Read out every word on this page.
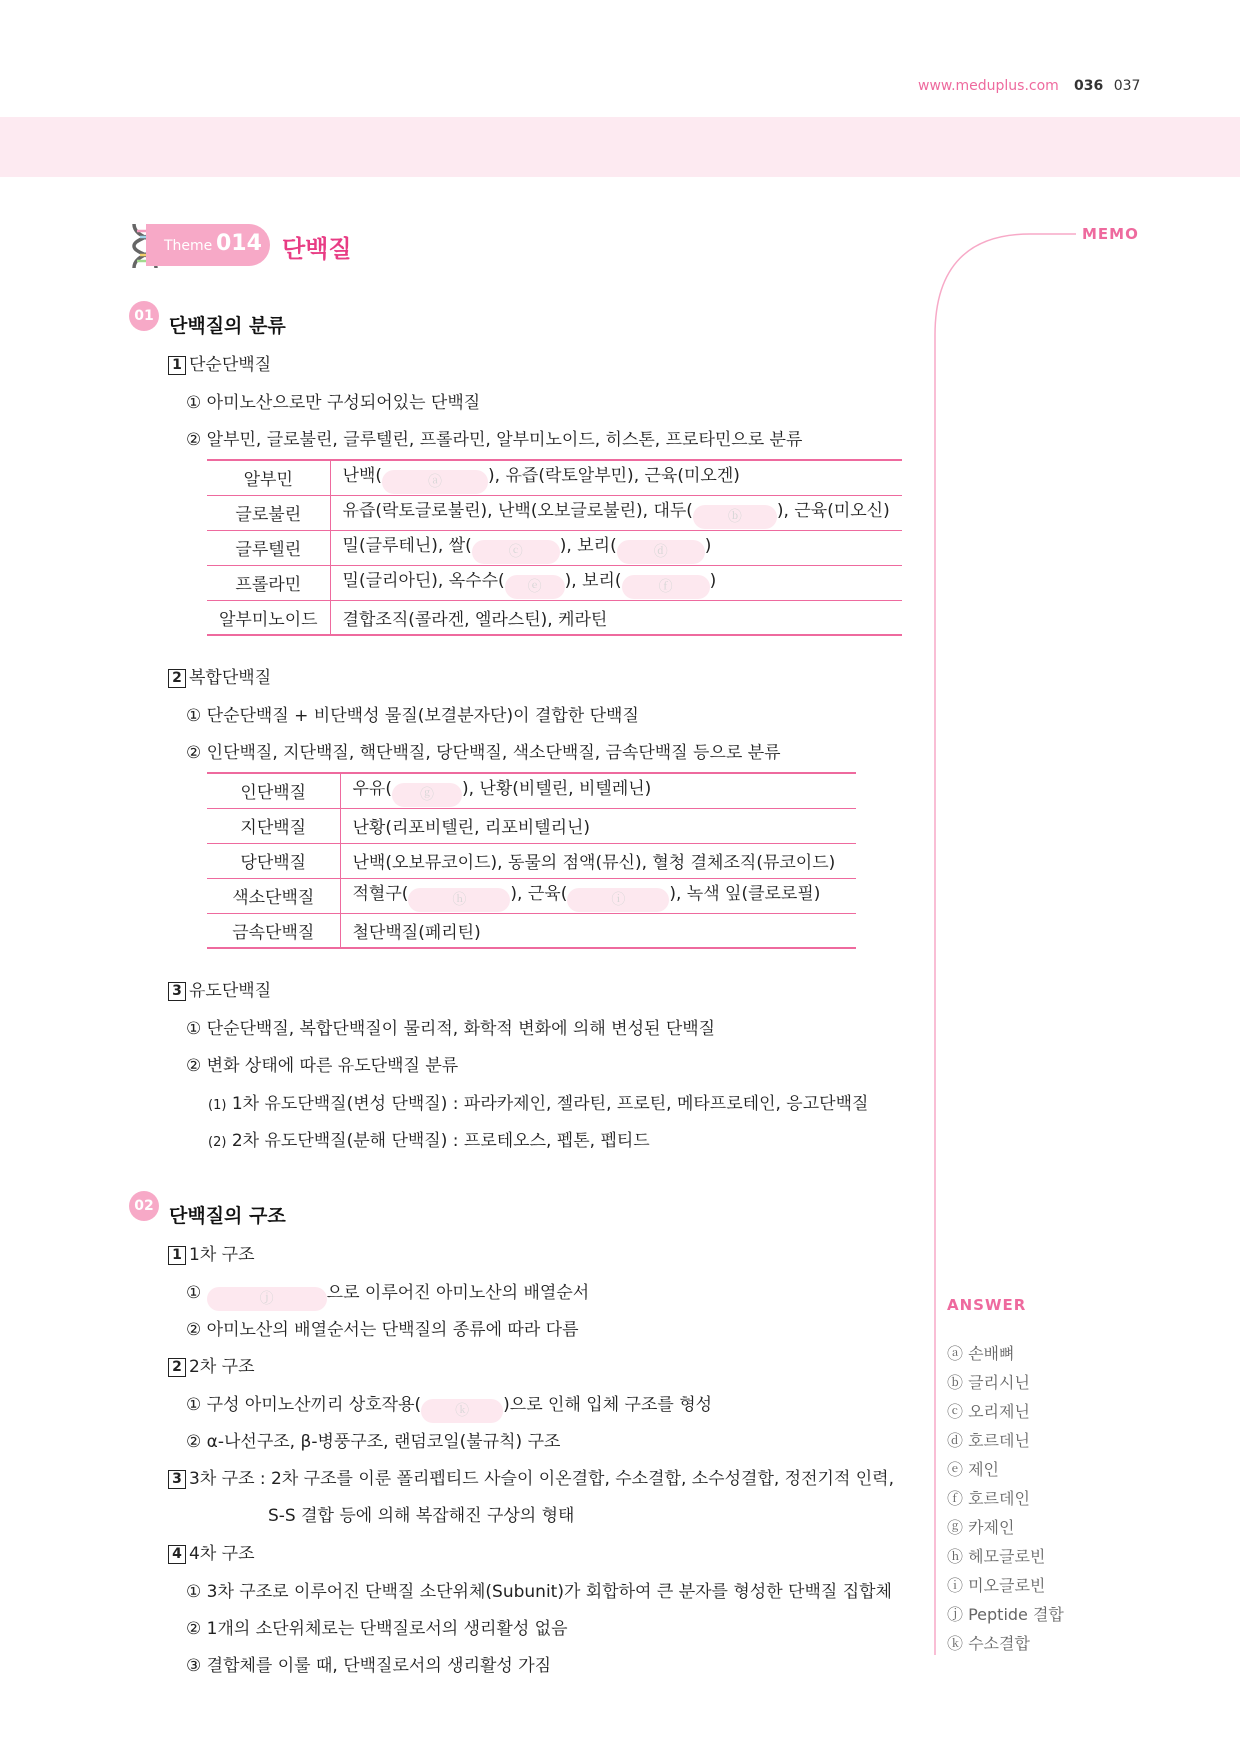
www.meduplus.com 036 037
Theme 014 단백질
MEMO
01 단백질의 분류
1 단순단백질
① 아미노산으로만 구성되어있는 단백질
② 알부민, 글로불린, 글루텔린, 프롤라민, 알부미노이드, 히스톤, 프로타민으로 분류
알부민	난백( ⓐ ), 유즙(락토알부민), 근육(미오겐)
글로불린	유즙(락토글로불린), 난백(오보글로불린), 대두( ⓑ ), 근육(미오신)
글루텔린	밀(글루테닌), 쌀( ⓒ ), 보리( ⓓ )
프롤라민	밀(글리아딘), 옥수수( ⓔ ), 보리( ⓕ )
알부미노이드	결합조직(콜라겐, 엘라스틴), 케라틴
2 복합단백질
① 단순단백질 + 비단백성 물질(보결분자단)이 결합한 단백질
② 인단백질, 지단백질, 핵단백질, 당단백질, 색소단백질, 금속단백질 등으로 분류
인단백질	우유( ⓖ ), 난황(비텔린, 비텔레닌)
지단백질	난황(리포비텔린, 리포비텔리닌)
당단백질	난백(오보뮤코이드), 동물의 점액(뮤신), 혈청 결체조직(뮤코이드)
색소단백질	적혈구( ⓗ ), 근육( ⓘ ), 녹색 잎(클로로필)
금속단백질	철단백질(페리틴)
3 유도단백질
① 단순단백질, 복합단백질이 물리적, 화학적 변화에 의해 변성된 단백질
② 변화 상태에 따른 유도단백질 분류
(1) 1차 유도단백질(변성 단백질) : 파라카제인, 젤라틴, 프로틴, 메타프로테인, 응고단백질
(2) 2차 유도단백질(분해 단백질) : 프로테오스, 펩톤, 펩티드
02 단백질의 구조
1 1차 구조
①	ⓙ	으로 이루어진 아미노산의 배열순서
② 아미노산의 배열순서는 단백질의 종류에 따라 다름
2 2차 구조
① 구성 아미노산끼리 상호작용( ⓚ )으로 인해 입체 구조를 형성
② α-나선구조, β-병풍구조, 랜덤코일(불규칙) 구조
3 3차 구조 : 2차 구조를 이룬 폴리펩티드 사슬이 이온결합, 수소결합, 소수성결합, 정전기적 인력,
S-S 결합 등에 의해 복잡해진 구상의 형태
4 4차 구조
① 3차 구조로 이루어진 단백질 소단위체(Subunit)가 회합하여 큰 분자를 형성한 단백질 집합체
② 1개의 소단위체로는 단백질로서의 생리활성 없음
③ 결합체를 이룰 때, 단백질로서의 생리활성 가짐
ANSWER
ⓐ 손배뼈
ⓑ 글리시닌
ⓒ 오리제닌
ⓓ 호르데닌
ⓔ 제인
ⓕ 호르데인
ⓖ 카제인
ⓗ 헤모글로빈
ⓘ 미오글로빈
ⓙ Peptide 결합
ⓚ 수소결합
